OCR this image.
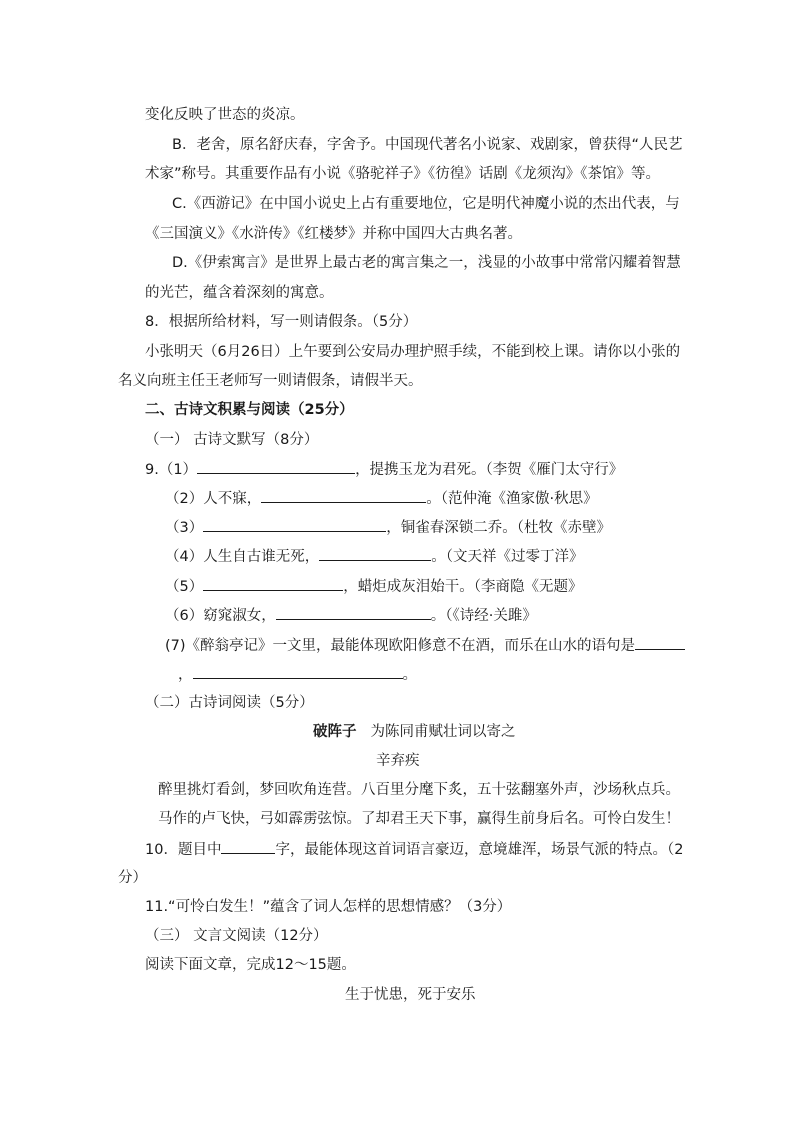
变化反映了世态的炎凉。
B．老舍，原名舒庆春，字舍予。中国现代著名小说家、戏剧家，曾获得“人民艺
术家”称号。其重要作品有小说《骆驼祥子》《彷徨》话剧《龙须沟》《茶馆》等。
C.《西游记》在中国小说史上占有重要地位，它是明代神魔小说的杰出代表，与
《三国演义》《水浒传》《红楼梦》并称中国四大古典名著。
D.《伊索寓言》是世界上最古老的寓言集之一，浅显的小故事中常常闪耀着智慧
的光芒，蕴含着深刻的寓意。
8．根据所给材料，写一则请假条。（5分）
小张明天（6月26日）上午要到公安局办理护照手续，不能到校上课。请你以小张的
名义向班主任王老师写一则请假条，请假半天。
二、古诗文积累与阅读（25分）
（一） 古诗文默写（8分）
9.（1）	，提携玉龙为君死。（李贺《雁门太守行》
（2）人不寐，	。（范仲淹《渔家傲·秋思》
（3）	，铜雀春深锁二乔。（杜牧《赤壁》
（4）人生自古谁无死，	。（文天祥《过零丁洋》
（5）	，蜡炬成灰泪始干。（李商隐《无题》
（6）窈窕淑女，	。（《诗经·关雎》
(7)《醉翁亭记》一文里，最能体现欧阳修意不在酒，而乐在山水的语句是
，	。
（二）古诗词阅读（5分）
破阵子 为陈同甫赋壮词以寄之
辛弃疾
醉里挑灯看剑，梦回吹角连营。八百里分麾下炙，五十弦翻塞外声，沙场秋点兵。
马作的卢飞快，弓如霹雳弦惊。了却君王天下事，赢得生前身后名。可怜白发生！
10．题目中	字，最能体现这首词语言豪迈，意境雄浑，场景气派的特点。（2
分）
11.“可怜白发生！”蕴含了词人怎样的思想情感？（3分）
（三） 文言文阅读（12分）
阅读下面文章，完成12～15题。
生于忧患，死于安乐
